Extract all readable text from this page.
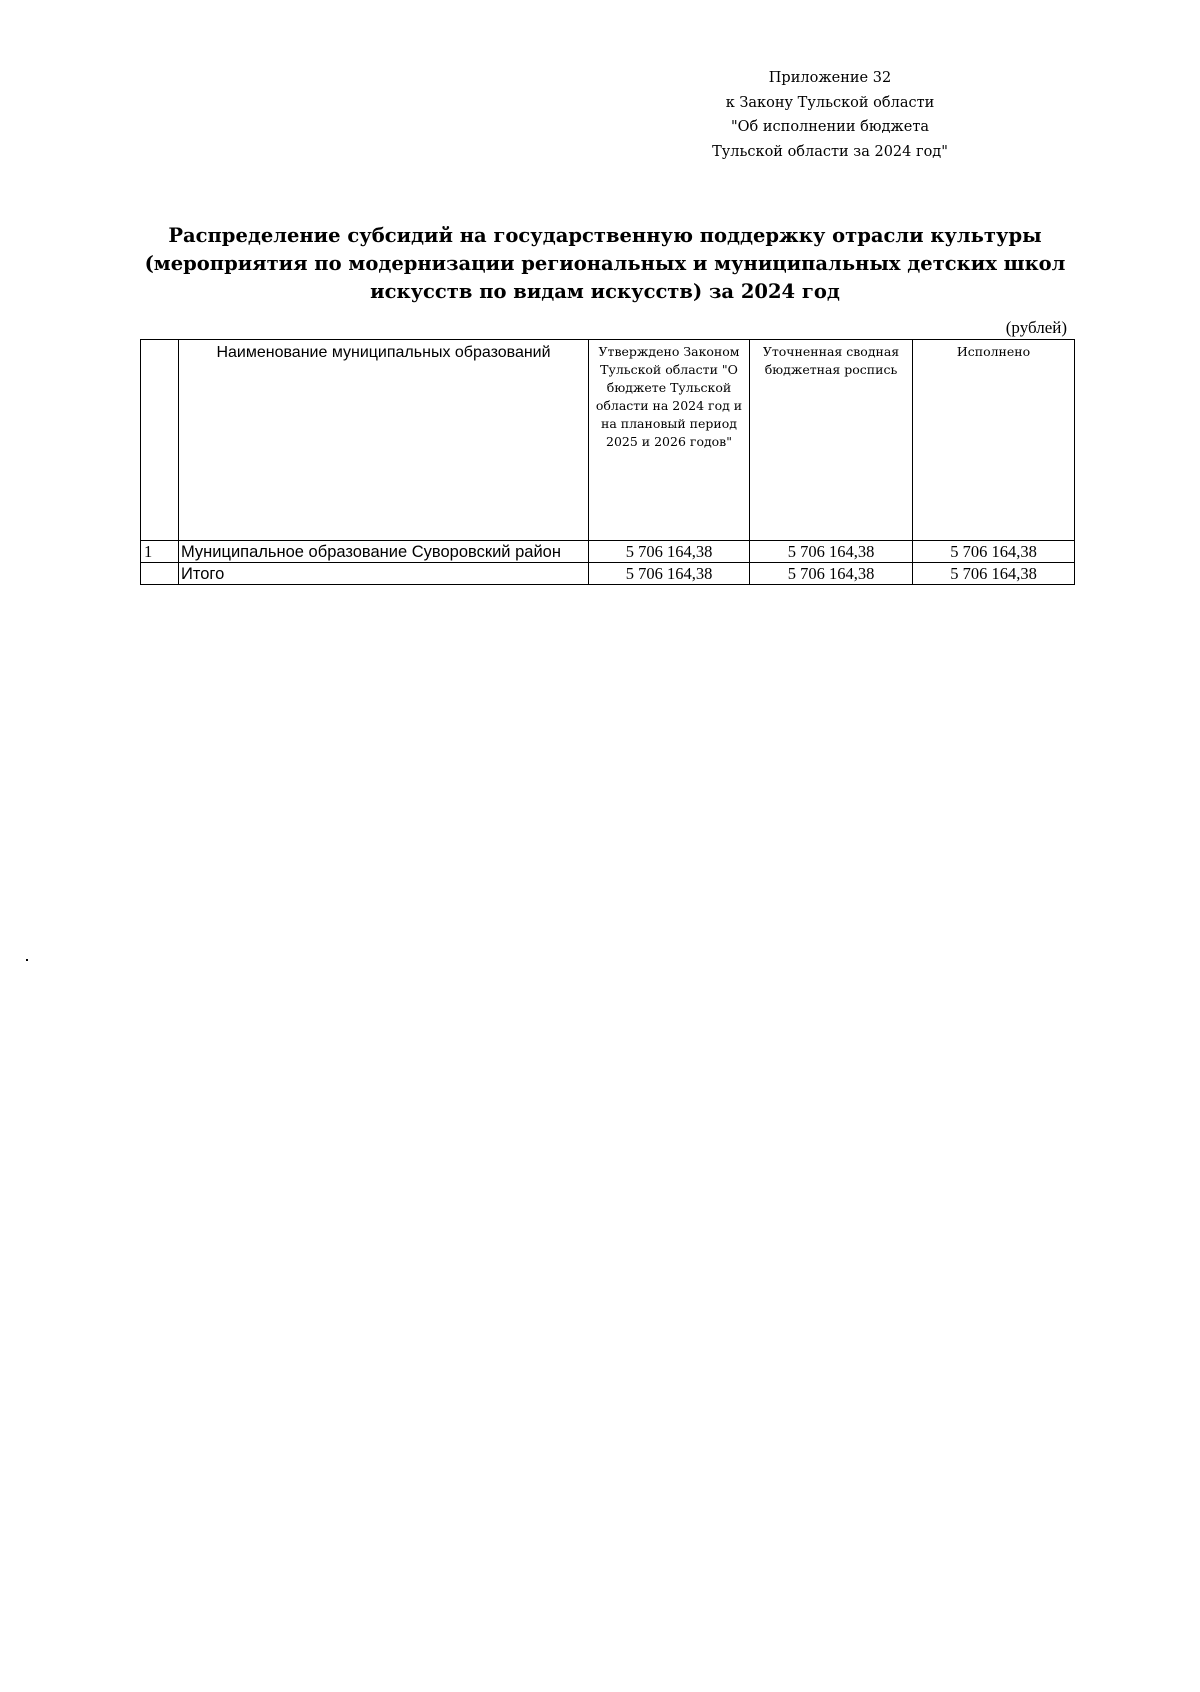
Приложение 32
к Закону Тульской области
"Об исполнении бюджета
Тульской области за 2024 год"
Распределение субсидий на государственную поддержку отрасли культуры (мероприятия по модернизации региональных и муниципальных детских школ искусств по видам искусств) за 2024 год
(рублей)
	Наименование муниципальных образований	Утверждено Законом Тульской области "О бюджете Тульской области на 2024 год и на плановый период 2025 и 2026 годов"	Уточненная сводная бюджетная роспись	Исполнено
1	Муниципальное образование Суворовский район	5 706 164,38	5 706 164,38	5 706 164,38
	Итого	5 706 164,38	5 706 164,38	5 706 164,38
